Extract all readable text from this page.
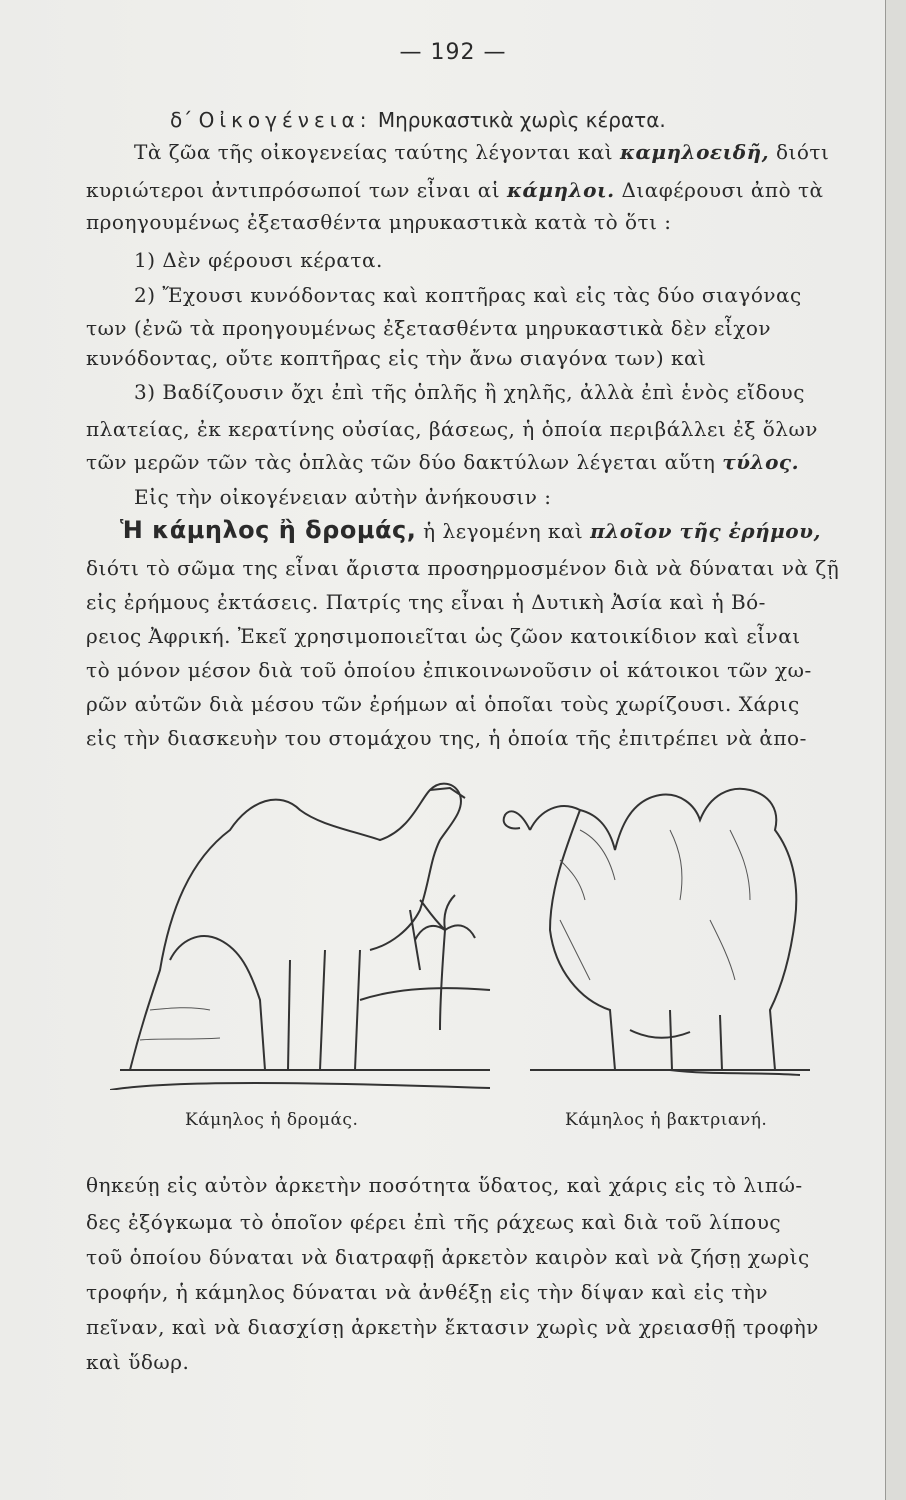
— 192 —
δ΄ Οἰκογένεια: Μηρυκαστικὰ χωρὶς κέρατα.
Τὰ ζῶα τῆς οἰκογενείας ταύτης λέγονται καὶ καμηλοειδῆ, διότι
κυριώτεροι ἀντιπρόσωποί των εἶναι αἱ κάμηλοι. Διαφέρουσι ἀπὸ τὰ
προηγουμένως ἐξετασθέντα μηρυκαστικὰ κατὰ τὸ ὅτι :
1) Δὲν φέρουσι κέρατα.
2) Ἔχουσι κυνόδοντας καὶ κοπτῆρας καὶ εἰς τὰς δύο σιαγόνας
των (ἐνῶ τὰ προηγουμένως ἐξετασθέντα μηρυκαστικὰ δὲν εἶχον
κυνόδοντας, οὔτε κοπτῆρας εἰς τὴν ἄνω σιαγόνα των) καὶ
3) Βαδίζουσιν ὄχι ἐπὶ τῆς ὁπλῆς ἢ χηλῆς, ἀλλὰ ἐπὶ ἑνὸς εἴδους
πλατείας, ἐκ κερατίνης οὐσίας, βάσεως, ἡ ὁποία περιβάλλει ἐξ ὅλων
τῶν μερῶν τῶν τὰς ὁπλὰς τῶν δύο δακτύλων λέγεται αὕτη τύλος.
Εἰς τὴν οἰκογένειαν αὐτὴν ἀνήκουσιν :
Ἡ κάμηλος ἢ δρομάς, ἡ λεγομένη καὶ πλοῖον τῆς ἐρήμου,
διότι τὸ σῶμα της εἶναι ἄριστα προσηρμοσμένον διὰ νὰ δύναται νὰ ζῇ
εἰς ἐρήμους ἐκτάσεις. Πατρίς της εἶναι ἡ Δυτικὴ Ἀσία καὶ ἡ Βό-
ρειος Ἀφρική. Ἐκεῖ χρησιμοποιεῖται ὡς ζῶον κατοικίδιον καὶ εἶναι
τὸ μόνον μέσον διὰ τοῦ ὁποίου ἐπικοινωνοῦσιν οἱ κάτοικοι τῶν χω-
ρῶν αὐτῶν διὰ μέσου τῶν ἐρήμων αἱ ὁποῖαι τοὺς χωρίζουσι. Χάρις
εἰς τὴν διασκευὴν του στομάχου της, ἡ ὁποία τῆς ἐπιτρέπει νὰ ἀπο-
Κάμηλος ἡ δρομάς.	Κάμηλος ἡ βακτριανή.
θηκεύῃ εἰς αὐτὸν ἀρκετὴν ποσότητα ὕδατος, καὶ χάρις εἰς τὸ λιπώ-
δες ἐξόγκωμα τὸ ὁποῖον φέρει ἐπὶ τῆς ράχεως καὶ διὰ τοῦ λίπους
τοῦ ὁποίου δύναται νὰ διατραφῇ ἀρκετὸν καιρὸν καὶ νὰ ζήσῃ χωρὶς
τροφήν, ἡ κάμηλος δύναται νὰ ἀνθέξῃ εἰς τὴν δίψαν καὶ εἰς τὴν
πεῖναν, καὶ νὰ διασχίσῃ ἀρκετὴν ἔκτασιν χωρὶς νὰ χρειασθῇ τροφὴν
καὶ ὕδωρ.
